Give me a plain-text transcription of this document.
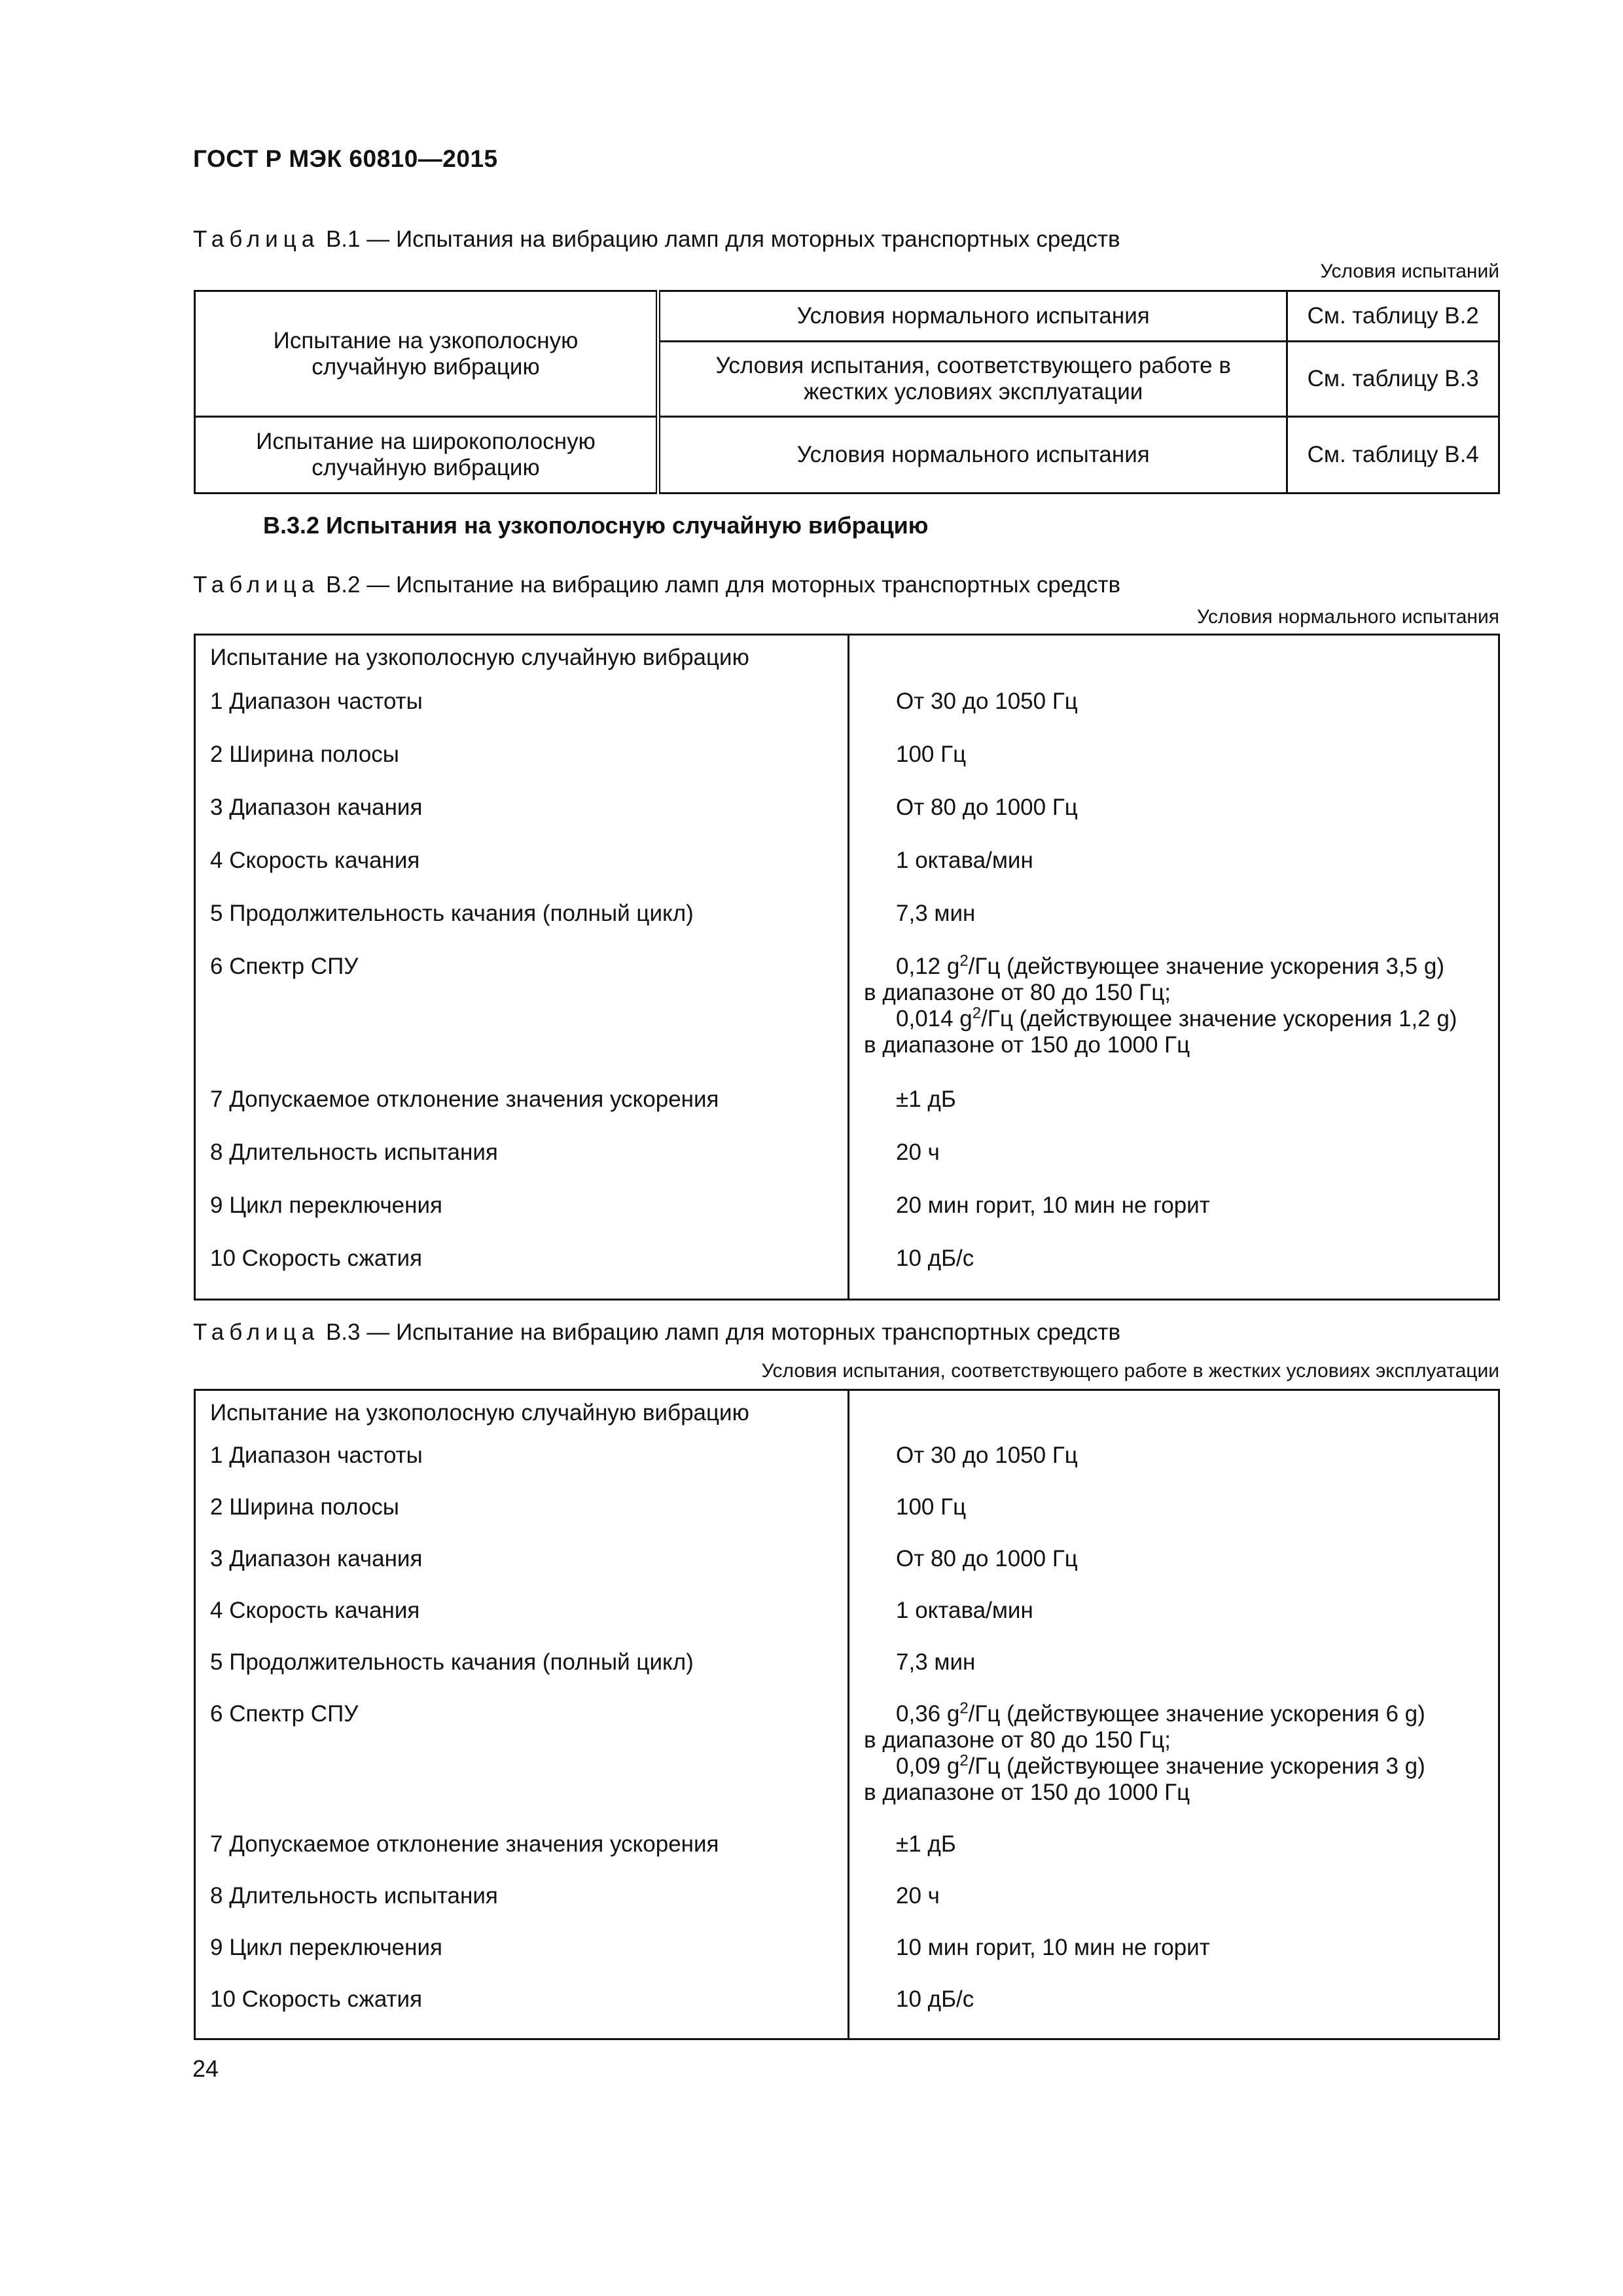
ГОСТ Р МЭК 60810—2015
Таблица В.1 — Испытания на вибрацию ламп для моторных транспортных средств
Условия испытаний
Испытание на узкополосную случайную вибрацию	Условия нормального испытания	См. таблицу В.2

	Условия испытания, соответствующего работе в жестких условиях эксплуатации	См. таблицу В.3

Испытание на широкополосную случайную вибрацию	Условия нормального испытания	См. таблицу В.4
В.3.2 Испытания на узкополосную случайную вибрацию
Таблица В.2 — Испытание на вибрацию ламп для моторных транспортных средств
Условия нормального испытания
Испытание на узкополосную случайную вибрацию	
1 Диапазон частоты	От 30 до 1050 Гц

2 Ширина полосы	100 Гц

3 Диапазон качания	От 80 до 1000 Гц

4 Скорость качания	1 октава/мин

5 Продолжительность качания (полный цикл)	7,3 мин

6 Спектр СПУ	0,12 $g^2/Гц$ (действующее значение ускорения 3,5 g)
в диапазоне от 80 до 150 Гц;
0,014 $g^2/Гц$ (действующее значение ускорения 1,2 g)
в диапазоне от 150 до 1000 Гц

7 Допускаемое отклонение значения ускорения	±1 дБ

8 Длительность испытания	20 ч

9 Цикл переключения	20 мин горит, 10 мин не горит

10 Скорость сжатия	10 дБ/с
Таблица В.3 — Испытание на вибрацию ламп для моторных транспортных средств
Условия испытания, соответствующего работе в жестких условиях эксплуатации
Испытание на узкополосную случайную вибрацию	
1 Диапазон частоты	От 30 до 1050 Гц

2 Ширина полосы	100 Гц

3 Диапазон качания	От 80 до 1000 Гц

4 Скорость качания	1 октава/мин

5 Продолжительность качания (полный цикл)	7,3 мин

6 Спектр СПУ	0,36 $g^2/Гц$ (действующее значение ускорения 6 g)
в диапазоне от 80 до 150 Гц;
0,09 $g^2/Гц$ (действующее значение ускорения 3 g)
в диапазоне от 150 до 1000 Гц

7 Допускаемое отклонение значения ускорения	±1 дБ

8 Длительность испытания	20 ч

9 Цикл переключения	10 мин горит, 10 мин не горит

10 Скорость сжатия	10 дБ/с
24
